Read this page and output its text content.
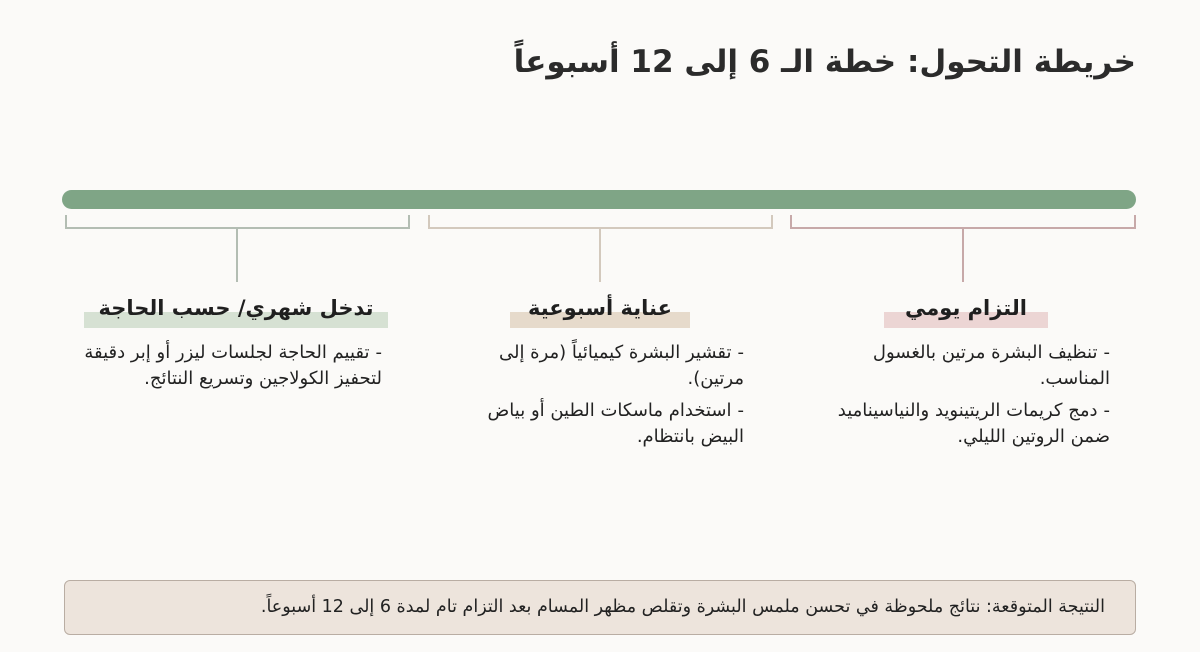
خريطة التحول: خطة الـ 6 إلى 12 أسبوعاً
التزام يومي
-تنظيف البشرة مرتين بالغسول المناسب.
-دمج كريمات الريتينويد والنياسيناميد ضمن الروتين الليلي.
عناية أسبوعية
-تقشير البشرة كيميائياً (مرة إلى مرتين).
-استخدام ماسكات الطين أو بياض البيض بانتظام.
تدخل شهري/ حسب الحاجة
-تقييم الحاجة لجلسات ليزر أو إبر دقيقة لتحفيز الكولاجين وتسريع النتائج.
النتيجة المتوقعة: نتائج ملحوظة في تحسن ملمس البشرة وتقلص مظهر المسام بعد التزام تام لمدة 6 إلى 12 أسبوعاً.
